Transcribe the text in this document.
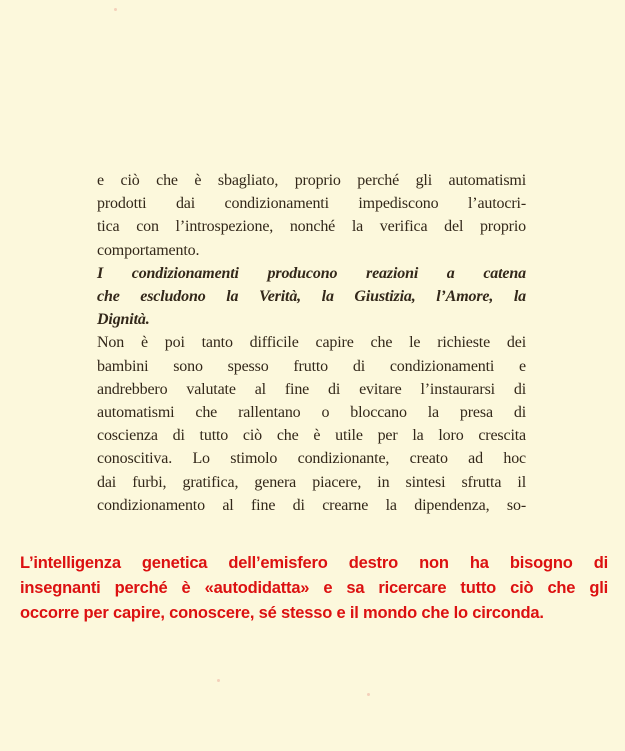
e ciò che è sbagliato, proprio perché gli automatismi
prodotti dai condizionamenti impediscono l’autocri-
tica con l’introspezione, nonché la verifica del proprio
comportamento.
I condizionamenti producono reazioni a catena
che escludono la Verità, la Giustizia, l’Amore, la
Dignità.
Non è poi tanto difficile capire che le richieste dei
bambini sono spesso frutto di condizionamenti e
andrebbero valutate al fine di evitare l’instaurarsi di
automatismi che rallentano o bloccano la presa di
coscienza di tutto ciò che è utile per la loro crescita
conoscitiva. Lo stimolo condizionante, creato ad hoc
dai furbi, gratifica, genera piacere, in sintesi sfrutta il
condizionamento al fine di crearne la dipendenza, so-
L’intelligenza genetica dell’emisfero destro non ha bisogno di
insegnanti perché è «autodidatta» e sa ricercare tutto ciò che gli
occorre per capire, conoscere, sé stesso e il mondo che lo circonda.
